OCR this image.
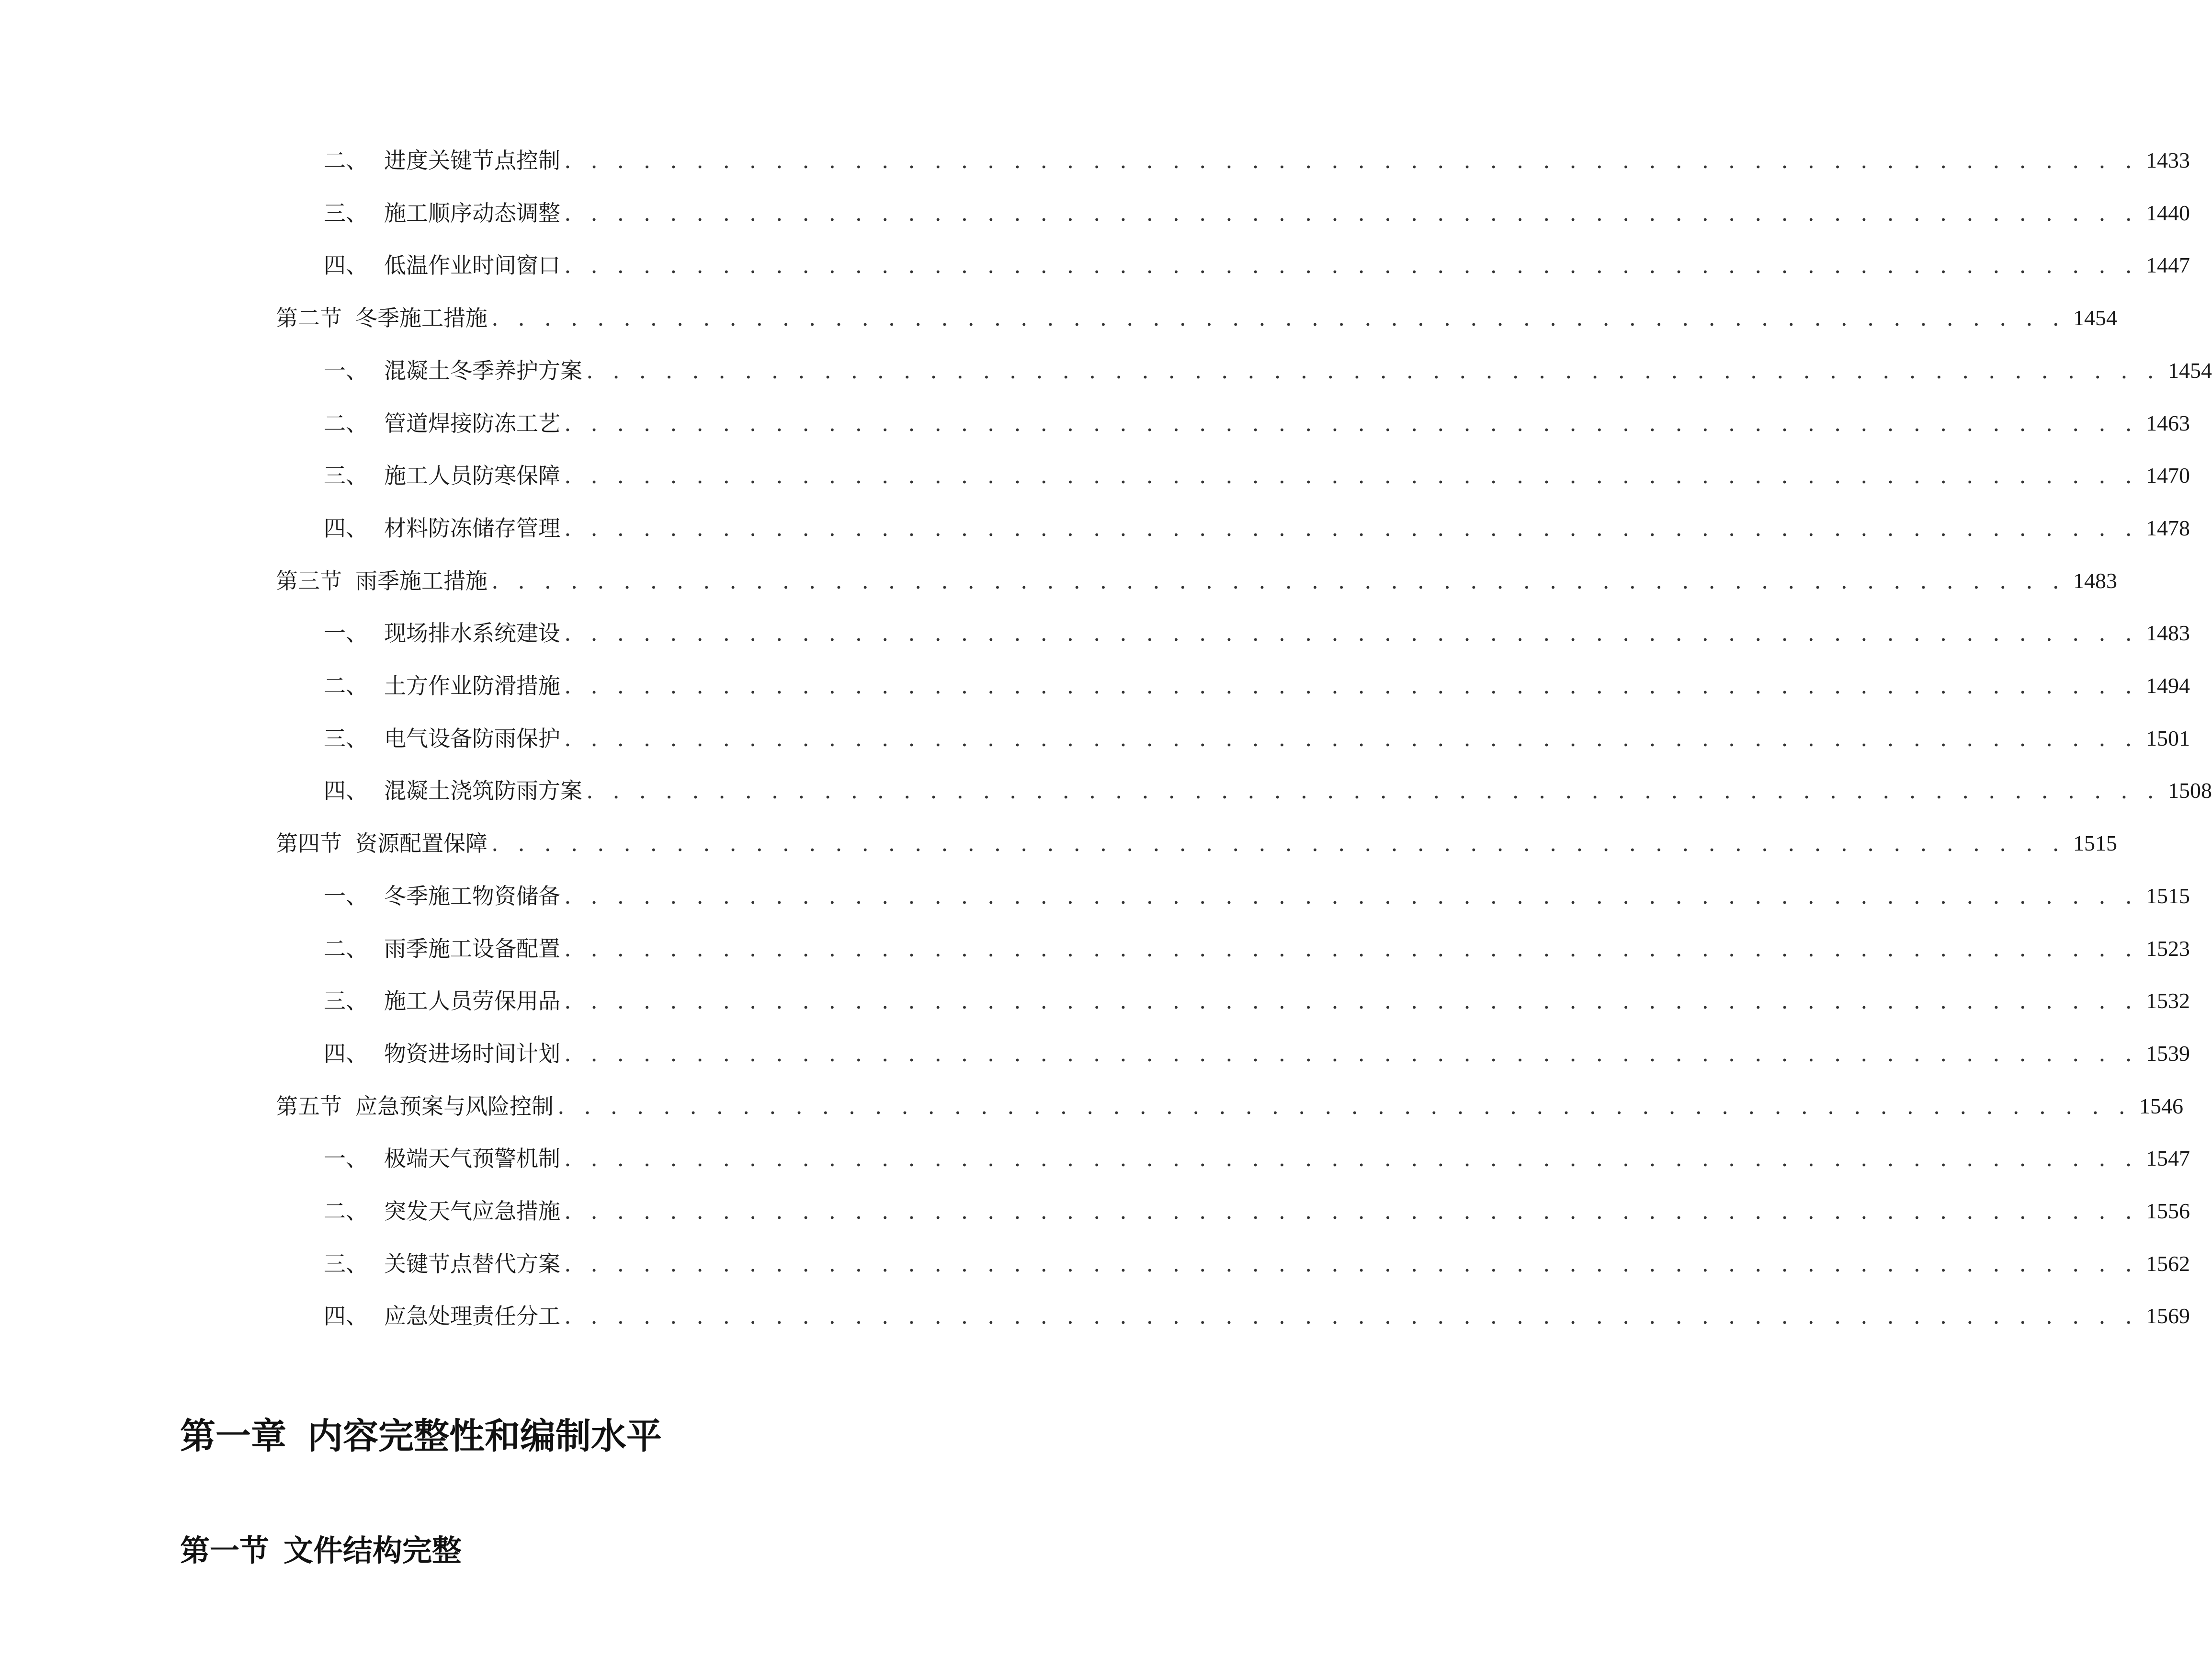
二、 进度关键节点控制 . . . . . . . . . . . . . . . . . . . . . . . . . . . . . . . . . . . . . . . . . . . . . . . . . . . . . . . . . . . . 1433
三、 施工顺序动态调整 . . . . . . . . . . . . . . . . . . . . . . . . . . . . . . . . . . . . . . . . . . . . . . . . . . . . . . . . . . . . 1440
四、 低温作业时间窗口 . . . . . . . . . . . . . . . . . . . . . . . . . . . . . . . . . . . . . . . . . . . . . . . . . . . . . . . . . . . . 1447
第二节 冬季施工措施 . . . . . . . . . . . . . . . . . . . . . . . . . . . . . . . . . . . . . . . . . . . . . . . . . . . . . . . . . . . . 1454
一、 混凝土冬季养护方案 . . . . . . . . . . . . . . . . . . . . . . . . . . . . . . . . . . . . . . . . . . . . . . . . . . . . . . . . . . . . 1454
二、 管道焊接防冻工艺 . . . . . . . . . . . . . . . . . . . . . . . . . . . . . . . . . . . . . . . . . . . . . . . . . . . . . . . . . . . . 1463
三、 施工人员防寒保障 . . . . . . . . . . . . . . . . . . . . . . . . . . . . . . . . . . . . . . . . . . . . . . . . . . . . . . . . . . . . 1470
四、 材料防冻储存管理 . . . . . . . . . . . . . . . . . . . . . . . . . . . . . . . . . . . . . . . . . . . . . . . . . . . . . . . . . . . . 1478
第三节 雨季施工措施 . . . . . . . . . . . . . . . . . . . . . . . . . . . . . . . . . . . . . . . . . . . . . . . . . . . . . . . . . . . . 1483
一、 现场排水系统建设 . . . . . . . . . . . . . . . . . . . . . . . . . . . . . . . . . . . . . . . . . . . . . . . . . . . . . . . . . . . . 1483
二、 土方作业防滑措施 . . . . . . . . . . . . . . . . . . . . . . . . . . . . . . . . . . . . . . . . . . . . . . . . . . . . . . . . . . . . 1494
三、 电气设备防雨保护 . . . . . . . . . . . . . . . . . . . . . . . . . . . . . . . . . . . . . . . . . . . . . . . . . . . . . . . . . . . . 1501
四、 混凝土浇筑防雨方案 . . . . . . . . . . . . . . . . . . . . . . . . . . . . . . . . . . . . . . . . . . . . . . . . . . . . . . . . . . . . 1508
第四节 资源配置保障 . . . . . . . . . . . . . . . . . . . . . . . . . . . . . . . . . . . . . . . . . . . . . . . . . . . . . . . . . . . . 1515
一、 冬季施工物资储备 . . . . . . . . . . . . . . . . . . . . . . . . . . . . . . . . . . . . . . . . . . . . . . . . . . . . . . . . . . . . 1515
二、 雨季施工设备配置 . . . . . . . . . . . . . . . . . . . . . . . . . . . . . . . . . . . . . . . . . . . . . . . . . . . . . . . . . . . . 1523
三、 施工人员劳保用品 . . . . . . . . . . . . . . . . . . . . . . . . . . . . . . . . . . . . . . . . . . . . . . . . . . . . . . . . . . . . 1532
四、 物资进场时间计划 . . . . . . . . . . . . . . . . . . . . . . . . . . . . . . . . . . . . . . . . . . . . . . . . . . . . . . . . . . . . 1539
第五节 应急预案与风险控制 . . . . . . . . . . . . . . . . . . . . . . . . . . . . . . . . . . . . . . . . . . . . . . . . . . . . . . . . . . . . 1546
一、 极端天气预警机制 . . . . . . . . . . . . . . . . . . . . . . . . . . . . . . . . . . . . . . . . . . . . . . . . . . . . . . . . . . . . 1547
二、 突发天气应急措施 . . . . . . . . . . . . . . . . . . . . . . . . . . . . . . . . . . . . . . . . . . . . . . . . . . . . . . . . . . . . 1556
三、 关键节点替代方案 . . . . . . . . . . . . . . . . . . . . . . . . . . . . . . . . . . . . . . . . . . . . . . . . . . . . . . . . . . . . 1562
四、 应急处理责任分工 . . . . . . . . . . . . . . . . . . . . . . . . . . . . . . . . . . . . . . . . . . . . . . . . . . . . . . . . . . . . 1569
第一章 内容完整性和编制水平
第一节 文件结构完整
